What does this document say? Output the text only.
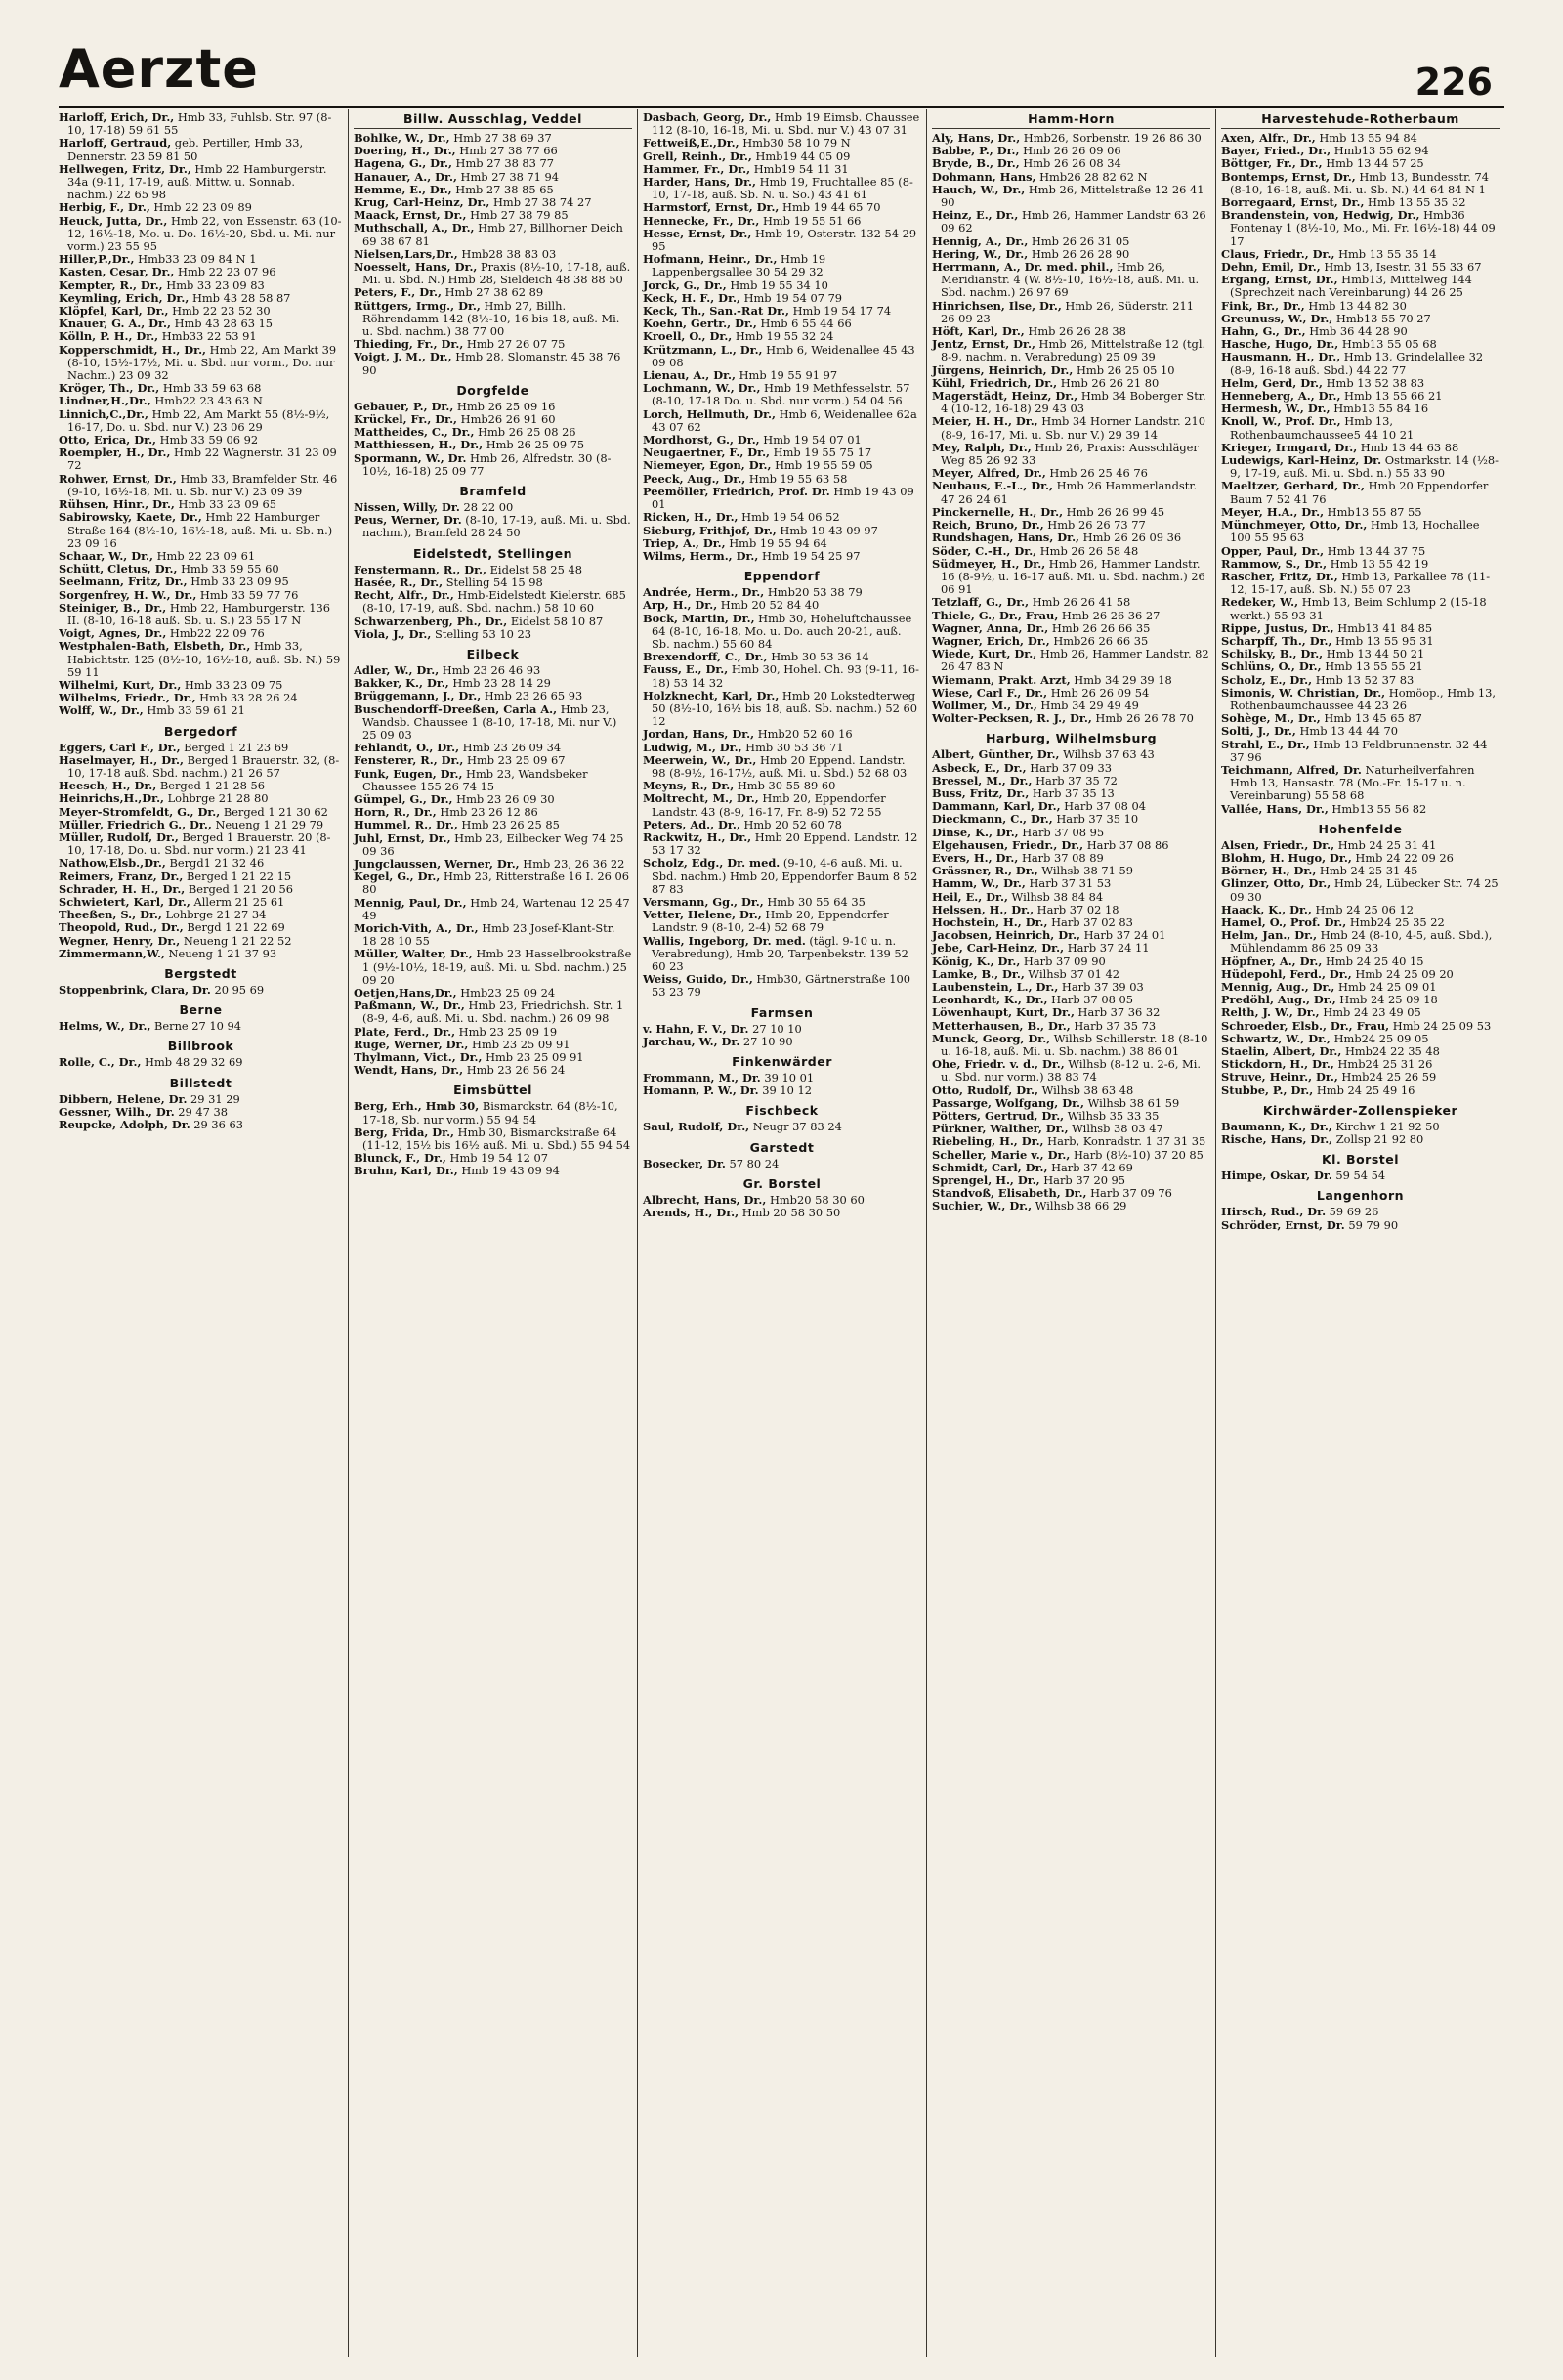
Aerzte	226
Harloff, Erich, Dr., Hmb 33, Fuhlsb. Str. 97 (8-10, 17-18) 59 61 55
Harloff, Gertraud, geb. Pertiller, Hmb 33, Dennerstr. 23 59 81 50
Hellwegen, Fritz, Dr., Hmb 22 Hamburgerstr. 34a (9-11, 17-19, auß. Mittw. u. Sonnab. nachm.) 22 65 98
Herbig, F., Dr., Hmb 22 23 09 89
Heuck, Jutta, Dr., Hmb 22, von Essenstr. 63 (10-12, 16½-18, Mo. u. Do. 16½-20, Sbd. u. Mi. nur vorm.) 23 55 95
Hiller,P.,Dr., Hmb33 23 09 84 N 1
Kasten, Cesar, Dr., Hmb 22 23 07 96
Kempter, R., Dr., Hmb 33 23 09 83
Keymling, Erich, Dr., Hmb 43 28 58 87
Klöpfel, Karl, Dr., Hmb 22 23 52 30
Knauer, G. A., Dr., Hmb 43 28 63 15
Kölln, P. H., Dr., Hmb33 22 53 91
Kopperschmidt, H., Dr., Hmb 22, Am Markt 39 (8-10, 15½-17½, Mi. u. Sbd. nur vorm., Do. nur Nachm.) 23 09 32
Kröger, Th., Dr., Hmb 33 59 63 68
Lindner,H.,Dr., Hmb22 23 43 63 N
Linnich,C.,Dr., Hmb 22, Am Markt 55 (8½-9½, 16-17, Do. u. Sbd. nur V.) 23 06 29
Otto, Erica, Dr., Hmb 33 59 06 92
Roempler, H., Dr., Hmb 22 Wagnerstr. 31 23 09 72
Rohwer, Ernst, Dr., Hmb 33, Bramfelder Str. 46 (9-10, 16½-18, Mi. u. Sb. nur V.) 23 09 39
Rühsen, Hinr., Dr., Hmb 33 23 09 65
Sabirowsky, Kaete, Dr., Hmb 22 Hamburger Straße 164 (8½-10, 16½-18, auß. Mi. u. Sb. n.) 23 09 16
Schaar, W., Dr., Hmb 22 23 09 61
Schütt, Cletus, Dr., Hmb 33 59 55 60
Seelmann, Fritz, Dr., Hmb 33 23 09 95
Sorgenfrey, H. W., Dr., Hmb 33 59 77 76
Steiniger, B., Dr., Hmb 22, Hamburgerstr. 136 II. (8-10, 16-18 auß. Sb. u. S.) 23 55 17 N
Voigt, Agnes, Dr., Hmb22 22 09 76
Westphalen-Bath, Elsbeth, Dr., Hmb 33, Habichtstr. 125 (8½-10, 16½-18, auß. Sb. N.) 59 59 11
Wilhelmi, Kurt, Dr., Hmb 33 23 09 75
Wilhelms, Friedr., Dr., Hmb 33 28 26 24
Wolff, W., Dr., Hmb 33 59 61 21
Bergedorf
Eggers, Carl F., Dr., Berged 1 21 23 69
Haselmayer, H., Dr., Berged 1 Brauerstr. 32, (8-10, 17-18 auß. Sbd. nachm.) 21 26 57
Heesch, H., Dr., Berged 1 21 28 56
Heinrichs,H.,Dr., Lohbrge 21 28 80
Meyer-Stromfeldt, G., Dr., Berged 1 21 30 62
Müller, Friedrich G., Dr., Neueng 1 21 29 79
Müller, Rudolf, Dr., Berged 1 Brauerstr. 20 (8-10, 17-18, Do. u. Sbd. nur vorm.) 21 23 41
Nathow,Elsb.,Dr., Bergd1 21 32 46
Reimers, Franz, Dr., Berged 1 21 22 15
Schrader, H. H., Dr., Berged 1 21 20 56
Schwietert, Karl, Dr., Allerm 21 25 61
Theeßen, S., Dr., Lohbrge 21 27 34
Theopold, Rud., Dr., Bergd 1 21 22 69
Wegner, Henry, Dr., Neueng 1 21 22 52
Zimmermann,W., Neueng 1 21 37 93
Bergstedt
Stoppenbrink, Clara, Dr. 20 95 69
Berne
Helms, W., Dr., Berne 27 10 94
Billbrook
Rolle, C., Dr., Hmb 48 29 32 69
Billstedt
Dibbern, Helene, Dr. 29 31 29
Gessner, Wilh., Dr. 29 47 38
Reupcke, Adolph, Dr. 29 36 63
Billw. Ausschlag, Veddel
Bohlke, W., Dr., Hmb 27 38 69 37
Doering, H., Dr., Hmb 27 38 77 66
Hagena, G., Dr., Hmb 27 38 83 77
Hanauer, A., Dr., Hmb 27 38 71 94
Hemme, E., Dr., Hmb 27 38 85 65
Krug, Carl-Heinz, Dr., Hmb 27 38 74 27
Maack, Ernst, Dr., Hmb 27 38 79 85
Muthschall, A., Dr., Hmb 27, Billhorner Deich 69 38 67 81
Nielsen,Lars,Dr., Hmb28 38 83 03
Noesselt, Hans, Dr., Praxis (8½-10, 17-18, auß. Mi. u. Sbd. N.) Hmb 28, Sieldeich 48 38 88 50
Peters, F., Dr., Hmb 27 38 62 89
Rüttgers, Irmg., Dr., Hmb 27, Billh. Röhrendamm 142 (8½-10, 16 bis 18, auß. Mi. u. Sbd. nachm.) 38 77 00
Thieding, Fr., Dr., Hmb 27 26 07 75
Voigt, J. M., Dr., Hmb 28, Slomanstr. 45 38 76 90
Dorgfelde
Gebauer, P., Dr., Hmb 26 25 09 16
Krückel, Fr., Dr., Hmb26 26 91 60
Mattheides, C., Dr., Hmb 26 25 08 26
Matthiessen, H., Dr., Hmb 26 25 09 75
Spormann, W., Dr. Hmb 26, Alfredstr. 30 (8-10½, 16-18) 25 09 77
Bramfeld
Nissen, Willy, Dr. 28 22 00
Peus, Werner, Dr. (8-10, 17-19, auß. Mi. u. Sbd. nachm.), Bramfeld 28 24 50
Eidelstedt, Stellingen
Fenstermann, R., Dr., Eidelst 58 25 48
Hasée, R., Dr., Stelling 54 15 98
Recht, Alfr., Dr., Hmb-Eidelstedt Kielerstr. 685 (8-10, 17-19, auß. Sbd. nachm.) 58 10 60
Schwarzenberg, Ph., Dr., Eidelst 58 10 87
Viola, J., Dr., Stelling 53 10 23
Eilbeck
Adler, W., Dr., Hmb 23 26 46 93
Bakker, K., Dr., Hmb 23 28 14 29
Brüggemann, J., Dr., Hmb 23 26 65 93
Buschendorff-Dreeßen, Carla A., Hmb 23, Wandsb. Chaussee 1 (8-10, 17-18, Mi. nur V.) 25 09 03
Fehlandt, O., Dr., Hmb 23 26 09 34
Fensterer, R., Dr., Hmb 23 25 09 67
Funk, Eugen, Dr., Hmb 23, Wandsbeker Chaussee 155 26 74 15
Gümpel, G., Dr., Hmb 23 26 09 30
Horn, R., Dr., Hmb 23 26 12 86
Hummel, R., Dr., Hmb 23 26 25 85
Juhl, Ernst, Dr., Hmb 23, Eilbecker Weg 74 25 09 36
Jungclaussen, Werner, Dr., Hmb 23, 26 36 22
Kegel, G., Dr., Hmb 23, Ritterstraße 16 I. 26 06 80
Mennig, Paul, Dr., Hmb 24, Wartenau 12 25 47 49
Morich-Vith, A., Dr., Hmb 23 Josef-Klant-Str. 18 28 10 55
Müller, Walter, Dr., Hmb 23 Hasselbrookstraße 1 (9½-10½, 18-19, auß. Mi. u. Sbd. nachm.) 25 09 20
Oetjen,Hans,Dr., Hmb23 25 09 24
Paßmann, W., Dr., Hmb 23, Friedrichsh. Str. 1 (8-9, 4-6, auß. Mi. u. Sbd. nachm.) 26 09 98
Plate, Ferd., Dr., Hmb 23 25 09 19
Ruge, Werner, Dr., Hmb 23 25 09 91
Thylmann, Vict., Dr., Hmb 23 25 09 91
Wendt, Hans, Dr., Hmb 23 26 56 24
Eimsbüttel
Berg, Erh., Hmb 30, Bismarckstr. 64 (8½-10, 17-18, Sb. nur vorm.) 55 94 54
Berg, Frida, Dr., Hmb 30, Bismarckstraße 64 (11-12, 15½ bis 16½ auß. Mi. u. Sbd.) 55 94 54
Blunck, F., Dr., Hmb 19 54 12 07
Bruhn, Karl, Dr., Hmb 19 43 09 94
Dasbach, Georg, Dr., Hmb 19 Eimsb. Chaussee 112 (8-10, 16-18, Mi. u. Sbd. nur V.) 43 07 31
Fettweiß,E.,Dr., Hmb30 58 10 79 N
Grell, Reinh., Dr., Hmb19 44 05 09
Hammer, Fr., Dr., Hmb19 54 11 31
Harder, Hans, Dr., Hmb 19, Fruchtallee 85 (8-10, 17-18, auß. Sb. N. u. So.) 43 41 61
Harmstorf, Ernst, Dr., Hmb 19 44 65 70
Hennecke, Fr., Dr., Hmb 19 55 51 66
Hesse, Ernst, Dr., Hmb 19, Osterstr. 132 54 29 95
Hofmann, Heinr., Dr., Hmb 19 Lappenbergsallee 30 54 29 32
Jorck, G., Dr., Hmb 19 55 34 10
Keck, H. F., Dr., Hmb 19 54 07 79
Keck, Th., San.-Rat Dr., Hmb 19 54 17 74
Koehn, Gertr., Dr., Hmb 6 55 44 66
Kroell, O., Dr., Hmb 19 55 32 24
Krützmann, L., Dr., Hmb 6, Weidenallee 45 43 09 08
Lienau, A., Dr., Hmb 19 55 91 97
Lochmann, W., Dr., Hmb 19 Methfesselstr. 57 (8-10, 17-18 Do. u. Sbd. nur vorm.) 54 04 56
Lorch, Hellmuth, Dr., Hmb 6, Weidenallee 62a 43 07 62
Mordhorst, G., Dr., Hmb 19 54 07 01
Neugaertner, F., Dr., Hmb 19 55 75 17
Niemeyer, Egon, Dr., Hmb 19 55 59 05
Peeck, Aug., Dr., Hmb 19 55 63 58
Peemöller, Friedrich, Prof. Dr. Hmb 19 43 09 01
Ricken, H., Dr., Hmb 19 54 06 52
Sieburg, Frithjof, Dr., Hmb 19 43 09 97
Triep, A., Dr., Hmb 19 55 94 64
Wilms, Herm., Dr., Hmb 19 54 25 97
Eppendorf
Andrée, Herm., Dr., Hmb20 53 38 79
Arp, H., Dr., Hmb 20 52 84 40
Bock, Martin, Dr., Hmb 30, Hoheluftchaussee 64 (8-10, 16-18, Mo. u. Do. auch 20-21, auß. Sb. nachm.) 55 60 84
Brexendorff, C., Dr., Hmb 30 53 36 14
Fauss, E., Dr., Hmb 30, Hohel. Ch. 93 (9-11, 16-18) 53 14 32
Holzknecht, Karl, Dr., Hmb 20 Lokstedterweg 50 (8½-10, 16½ bis 18, auß. Sb. nachm.) 52 60 12
Jordan, Hans, Dr., Hmb20 52 60 16
Ludwig, M., Dr., Hmb 30 53 36 71
Meerwein, W., Dr., Hmb 20 Eppend. Landstr. 98 (8-9½, 16-17½, auß. Mi. u. Sbd.) 52 68 03
Meyns, R., Dr., Hmb 30 55 89 60
Moltrecht, M., Dr., Hmb 20, Eppendorfer Landstr. 43 (8-9, 16-17, Fr. 8-9) 52 72 55
Peters, Ad., Dr., Hmb 20 52 60 78
Rackwitz, H., Dr., Hmb 20 Eppend. Landstr. 12 53 17 32
Scholz, Edg., Dr. med. (9-10, 4-6 auß. Mi. u. Sbd. nachm.) Hmb 20, Eppendorfer Baum 8 52 87 83
Versmann, Gg., Dr., Hmb 30 55 64 35
Vetter, Helene, Dr., Hmb 20, Eppendorfer Landstr. 9 (8-10, 2-4) 52 68 79
Wallis, Ingeborg, Dr. med. (tägl. 9-10 u. n. Verabredung), Hmb 20, Tarpenbekstr. 139 52 60 23
Weiss, Guido, Dr., Hmb30, Gärtnerstraße 100 53 23 79
Farmsen
v. Hahn, F. V., Dr. 27 10 10
Jarchau, W., Dr. 27 10 90
Finkenwärder
Frommann, M., Dr. 39 10 01
Homann, P. W., Dr. 39 10 12
Fischbeck
Saul, Rudolf, Dr., Neugr 37 83 24
Garstedt
Bosecker, Dr. 57 80 24
Gr. Borstel
Albrecht, Hans, Dr., Hmb20 58 30 60
Arends, H., Dr., Hmb 20 58 30 50
Hamm-Horn
Aly, Hans, Dr., Hmb26, Sorbenstr. 19 26 86 30
Babbe, P., Dr., Hmb 26 26 09 06
Bryde, B., Dr., Hmb 26 26 08 34
Dohmann, Hans, Hmb26 28 82 62 N
Hauch, W., Dr., Hmb 26, Mittelstraße 12 26 41 90
Heinz, E., Dr., Hmb 26, Hammer Landstr 63 26 09 62
Hennig, A., Dr., Hmb 26 26 31 05
Hering, W., Dr., Hmb 26 26 28 90
Herrmann, A., Dr. med. phil., Hmb 26, Meridianstr. 4 (W. 8½-10, 16½-18, auß. Mi. u. Sbd. nachm.) 26 97 69
Hinrichsen, Ilse, Dr., Hmb 26, Süderstr. 211 26 09 23
Höft, Karl, Dr., Hmb 26 26 28 38
Jentz, Ernst, Dr., Hmb 26, Mittelstraße 12 (tgl. 8-9, nachm. n. Verabredung) 25 09 39
Jürgens, Heinrich, Dr., Hmb 26 25 05 10
Kühl, Friedrich, Dr., Hmb 26 26 21 80
Magerstädt, Heinz, Dr., Hmb 34 Boberger Str. 4 (10-12, 16-18) 29 43 03
Meier, H. H., Dr., Hmb 34 Horner Landstr. 210 (8-9, 16-17, Mi. u. Sb. nur V.) 29 39 14
Mey, Ralph, Dr., Hmb 26, Praxis: Ausschläger Weg 85 26 92 33
Meyer, Alfred, Dr., Hmb 26 25 46 76
Neubaus, E.-L., Dr., Hmb 26 Hammerlandstr. 47 26 24 61
Pinckernelle, H., Dr., Hmb 26 26 99 45
Reich, Bruno, Dr., Hmb 26 26 73 77
Rundshagen, Hans, Dr., Hmb 26 26 09 36
Söder, C.-H., Dr., Hmb 26 26 58 48
Südmeyer, H., Dr., Hmb 26, Hammer Landstr. 16 (8-9½, u. 16-17 auß. Mi. u. Sbd. nachm.) 26 06 91
Tetzlaff, G., Dr., Hmb 26 26 41 58
Thiele, G., Dr., Frau, Hmb 26 26 36 27
Wagner, Anna, Dr., Hmb 26 26 66 35
Wagner, Erich, Dr., Hmb26 26 66 35
Wiede, Kurt, Dr., Hmb 26, Hammer Landstr. 82 26 47 83 N
Wiemann, Prakt. Arzt, Hmb 34 29 39 18
Wiese, Carl F., Dr., Hmb 26 26 09 54
Wollmer, M., Dr., Hmb 34 29 49 49
Wolter-Pecksen, R. J., Dr., Hmb 26 26 78 70
Harburg, Wilhelmsburg
Albert, Günther, Dr., Wilhsb 37 63 43
Asbeck, E., Dr., Harb 37 09 33
Bressel, M., Dr., Harb 37 35 72
Buss, Fritz, Dr., Harb 37 35 13
Dammann, Karl, Dr., Harb 37 08 04
Dieckmann, C., Dr., Harb 37 35 10
Dinse, K., Dr., Harb 37 08 95
Elgehausen, Friedr., Dr., Harb 37 08 86
Evers, H., Dr., Harb 37 08 89
Grässner, R., Dr., Wilhsb 38 71 59
Hamm, W., Dr., Harb 37 31 53
Heil, E., Dr., Wilhsb 38 84 84
Helssen, H., Dr., Harb 37 02 18
Hochstein, H., Dr., Harb 37 02 83
Jacobsen, Heinrich, Dr., Harb 37 24 01
Jebe, Carl-Heinz, Dr., Harb 37 24 11
König, K., Dr., Harb 37 09 90
Lamke, B., Dr., Wilhsb 37 01 42
Laubenstein, L., Dr., Harb 37 39 03
Leonhardt, K., Dr., Harb 37 08 05
Löwenhaupt, Kurt, Dr., Harb 37 36 32
Metterhausen, B., Dr., Harb 37 35 73
Munck, Georg, Dr., Wilhsb Schillerstr. 18 (8-10 u. 16-18, auß. Mi. u. Sb. nachm.) 38 86 01
Ohe, Friedr. v. d., Dr., Wilhsb (8-12 u. 2-6, Mi. u. Sbd. nur vorm.) 38 83 74
Otto, Rudolf, Dr., Wilhsb 38 63 48
Passarge, Wolfgang, Dr., Wilhsb 38 61 59
Pötters, Gertrud, Dr., Wilhsb 35 33 35
Pürkner, Walther, Dr., Wilhsb 38 03 47
Riebeling, H., Dr., Harb, Konradstr. 1 37 31 35
Scheller, Marie v., Dr., Harb (8½-10) 37 20 85
Schmidt, Carl, Dr., Harb 37 42 69
Sprengel, H., Dr., Harb 37 20 95
Standvoß, Elisabeth, Dr., Harb 37 09 76
Suchier, W., Dr., Wilhsb 38 66 29
Harvestehude-Rotherbaum
Axen, Alfr., Dr., Hmb 13 55 94 84
Bayer, Fried., Dr., Hmb13 55 62 94
Böttger, Fr., Dr., Hmb 13 44 57 25
Bontemps, Ernst, Dr., Hmb 13, Bundesstr. 74 (8-10, 16-18, auß. Mi. u. Sb. N.) 44 64 84 N 1
Borregaard, Ernst, Dr., Hmb 13 55 35 32
Brandenstein, von, Hedwig, Dr., Hmb36 Fontenay 1 (8½-10, Mo., Mi. Fr. 16½-18) 44 09 17
Claus, Friedr., Dr., Hmb 13 55 35 14
Dehn, Emil, Dr., Hmb 13, Isestr. 31 55 33 67
Ergang, Ernst, Dr., Hmb13, Mittelweg 144 (Sprechzeit nach Vereinbarung) 44 26 25
Fink, Br., Dr., Hmb 13 44 82 30
Greunuss, W., Dr., Hmb13 55 70 27
Hahn, G., Dr., Hmb 36 44 28 90
Hasche, Hugo, Dr., Hmb13 55 05 68
Hausmann, H., Dr., Hmb 13, Grindelallee 32 (8-9, 16-18 auß. Sbd.) 44 22 77
Helm, Gerd, Dr., Hmb 13 52 38 83
Henneberg, A., Dr., Hmb 13 55 66 21
Hermesh, W., Dr., Hmb13 55 84 16
Knoll, W., Prof. Dr., Hmb 13, Rothenbaumchaussee5 44 10 21
Krieger, Irmgard, Dr., Hmb 13 44 63 88
Ludewigs, Karl-Heinz, Dr. Ostmarkstr. 14 (½8-9, 17-19, auß. Mi. u. Sbd. n.) 55 33 90
Maeltzer, Gerhard, Dr., Hmb 20 Eppendorfer Baum 7 52 41 76
Meyer, H.A., Dr., Hmb13 55 87 55
Münchmeyer, Otto, Dr., Hmb 13, Hochallee 100 55 95 63
Opper, Paul, Dr., Hmb 13 44 37 75
Rammow, S., Dr., Hmb 13 55 42 19
Rascher, Fritz, Dr., Hmb 13, Parkallee 78 (11-12, 15-17, auß. Sb. N.) 55 07 23
Redeker, W., Hmb 13, Beim Schlump 2 (15-18 werkt.) 55 93 31
Rippe, Justus, Dr., Hmb13 41 84 85
Scharpff, Th., Dr., Hmb 13 55 95 31
Schilsky, B., Dr., Hmb 13 44 50 21
Schlüns, O., Dr., Hmb 13 55 55 21
Scholz, E., Dr., Hmb 13 52 37 83
Simonis, W. Christian, Dr., Homöop., Hmb 13, Rothenbaumchaussee 44 23 26
Sohège, M., Dr., Hmb 13 45 65 87
Solti, J., Dr., Hmb 13 44 44 70
Strahl, E., Dr., Hmb 13 Feldbrunnenstr. 32 44 37 96
Teichmann, Alfred, Dr. Naturheilverfahren Hmb 13, Hansastr. 78 (Mo.-Fr. 15-17 u. n. Vereinbarung) 55 58 68
Vallée, Hans, Dr., Hmb13 55 56 82
Hohenfelde
Alsen, Friedr., Dr., Hmb 24 25 31 41
Blohm, H. Hugo, Dr., Hmb 24 22 09 26
Börner, H., Dr., Hmb 24 25 31 45
Glinzer, Otto, Dr., Hmb 24, Lübecker Str. 74 25 09 30
Haack, K., Dr., Hmb 24 25 06 12
Hamel, O., Prof. Dr., Hmb24 25 35 22
Helm, Jan., Dr., Hmb 24 (8-10, 4-5, auß. Sbd.), Mühlendamm 86 25 09 33
Höpfner, A., Dr., Hmb 24 25 40 15
Hüdepohl, Ferd., Dr., Hmb 24 25 09 20
Mennig, Aug., Dr., Hmb 24 25 09 01
Predöhl, Aug., Dr., Hmb 24 25 09 18
Relth, J. W., Dr., Hmb 24 23 49 05
Schroeder, Elsb., Dr., Frau, Hmb 24 25 09 53
Schwartz, W., Dr., Hmb24 25 09 05
Staelin, Albert, Dr., Hmb24 22 35 48
Stickdorn, H., Dr., Hmb24 25 31 26
Struve, Heinr., Dr., Hmb24 25 26 59
Stubbe, P., Dr., Hmb 24 25 49 16
Kirchwärder-Zollenspieker
Baumann, K., Dr., Kirchw 1 21 92 50
Rische, Hans, Dr., Zollsp 21 92 80
Kl. Borstel
Himpe, Oskar, Dr. 59 54 54
Langenhorn
Hirsch, Rud., Dr. 59 69 26
Schröder, Ernst, Dr. 59 79 90
